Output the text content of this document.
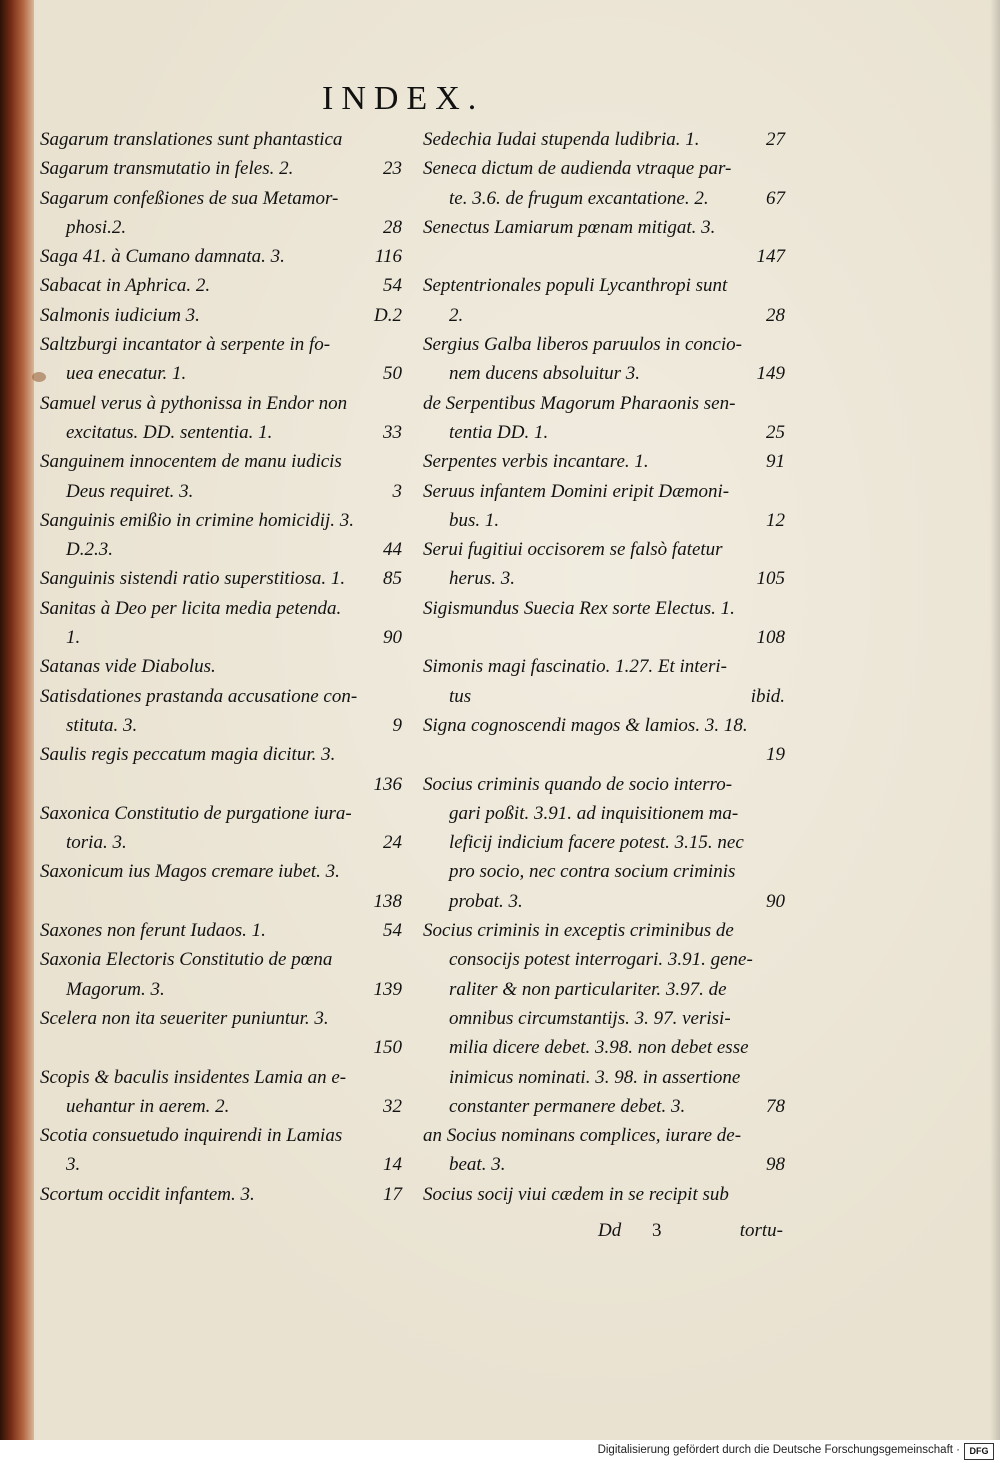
INDEX.
Sagarum translationes sunt phantastica
Sagarum transmutatio in feles. 2.	23
Sagarum confeßiones de sua Metamor-
phosi.2.	28
Saga 41. à Cumano damnata. 3.	116
Sabacat in Aphrica. 2.	54
Salmonis iudicium 3.	D.2
Saltzburgi incantator à serpente in fo-
uea enecatur. 1.	50
Samuel verus à pythonissa in Endor non
excitatus. DD. sententia. 1.	33
Sanguinem innocentem de manu iudicis
Deus requiret. 3.	3
Sanguinis emißio in crimine homicidij. 3.
D.2.3.	44
Sanguinis sistendi ratio superstitiosa. 1. 85
Sanitas à Deo per licita media petenda.
1.	90
Satanas vide Diabolus.
Satisdationes prastanda accusatione con-
stituta. 3.	9
Saulis regis peccatum magia dicitur. 3.
136
Saxonica Constitutio de purgatione iura-
toria. 3.	24
Saxonicum ius Magos cremare iubet. 3.
138
Saxones non ferunt Iudaos. 1.	54
Saxonia Electoris Constitutio de pœna
Magorum. 3.	139
Scelera non ita seueriter puniuntur. 3.
150
Scopis & baculis insidentes Lamia an e-
uehantur in aerem. 2.	32
Scotia consuetudo inquirendi in Lamias
3.	14
Scortum occidit infantem. 3.	17
Sedechia Iudai stupenda ludibria. 1.	27
Seneca dictum de audienda vtraque par-
te. 3.6. de frugum excantatione. 2.	67
Senectus Lamiarum pœnam mitigat. 3.
147
Septentrionales populi Lycanthropi sunt
2.	28
Sergius Galba liberos paruulos in concio-
nem ducens absoluitur 3.	149
de Serpentibus Magorum Pharaonis sen-
tentia DD. 1.	25
Serpentes verbis incantare. 1.	91
Seruus infantem Domini eripit Dæmoni-
bus. 1.	12
Serui fugitiui occisorem se falsò fatetur
herus. 3.	105
Sigismundus Suecia Rex sorte Electus. 1.
108
Simonis magi fascinatio. 1.27. Et interi-
tus	ibid.
Signa cognoscendi magos & lamios. 3. 18.
19
Socius criminis quando de socio interro-
gari poßit. 3.91. ad inquisitionem ma-
leficij indicium facere potest. 3.15. nec
pro socio, nec contra socium criminis
probat. 3.	90
Socius criminis in exceptis criminibus de
consocijs potest interrogari. 3.91. gene-
raliter & non particulariter. 3.97. de
omnibus circumstantijs. 3. 97. verisi-
milia dicere debet. 3.98. non debet esse
inimicus nominati. 3. 98. in assertione
constanter permanere debet. 3.	78
an Socius nominans complices, iurare de-
beat. 3.	98
Socius socij viui cædem in se recipit sub
Dd 3	tortu-
Digitalisierung gefördert durch die Deutsche Forschungsgemeinschaft ·	DFG
